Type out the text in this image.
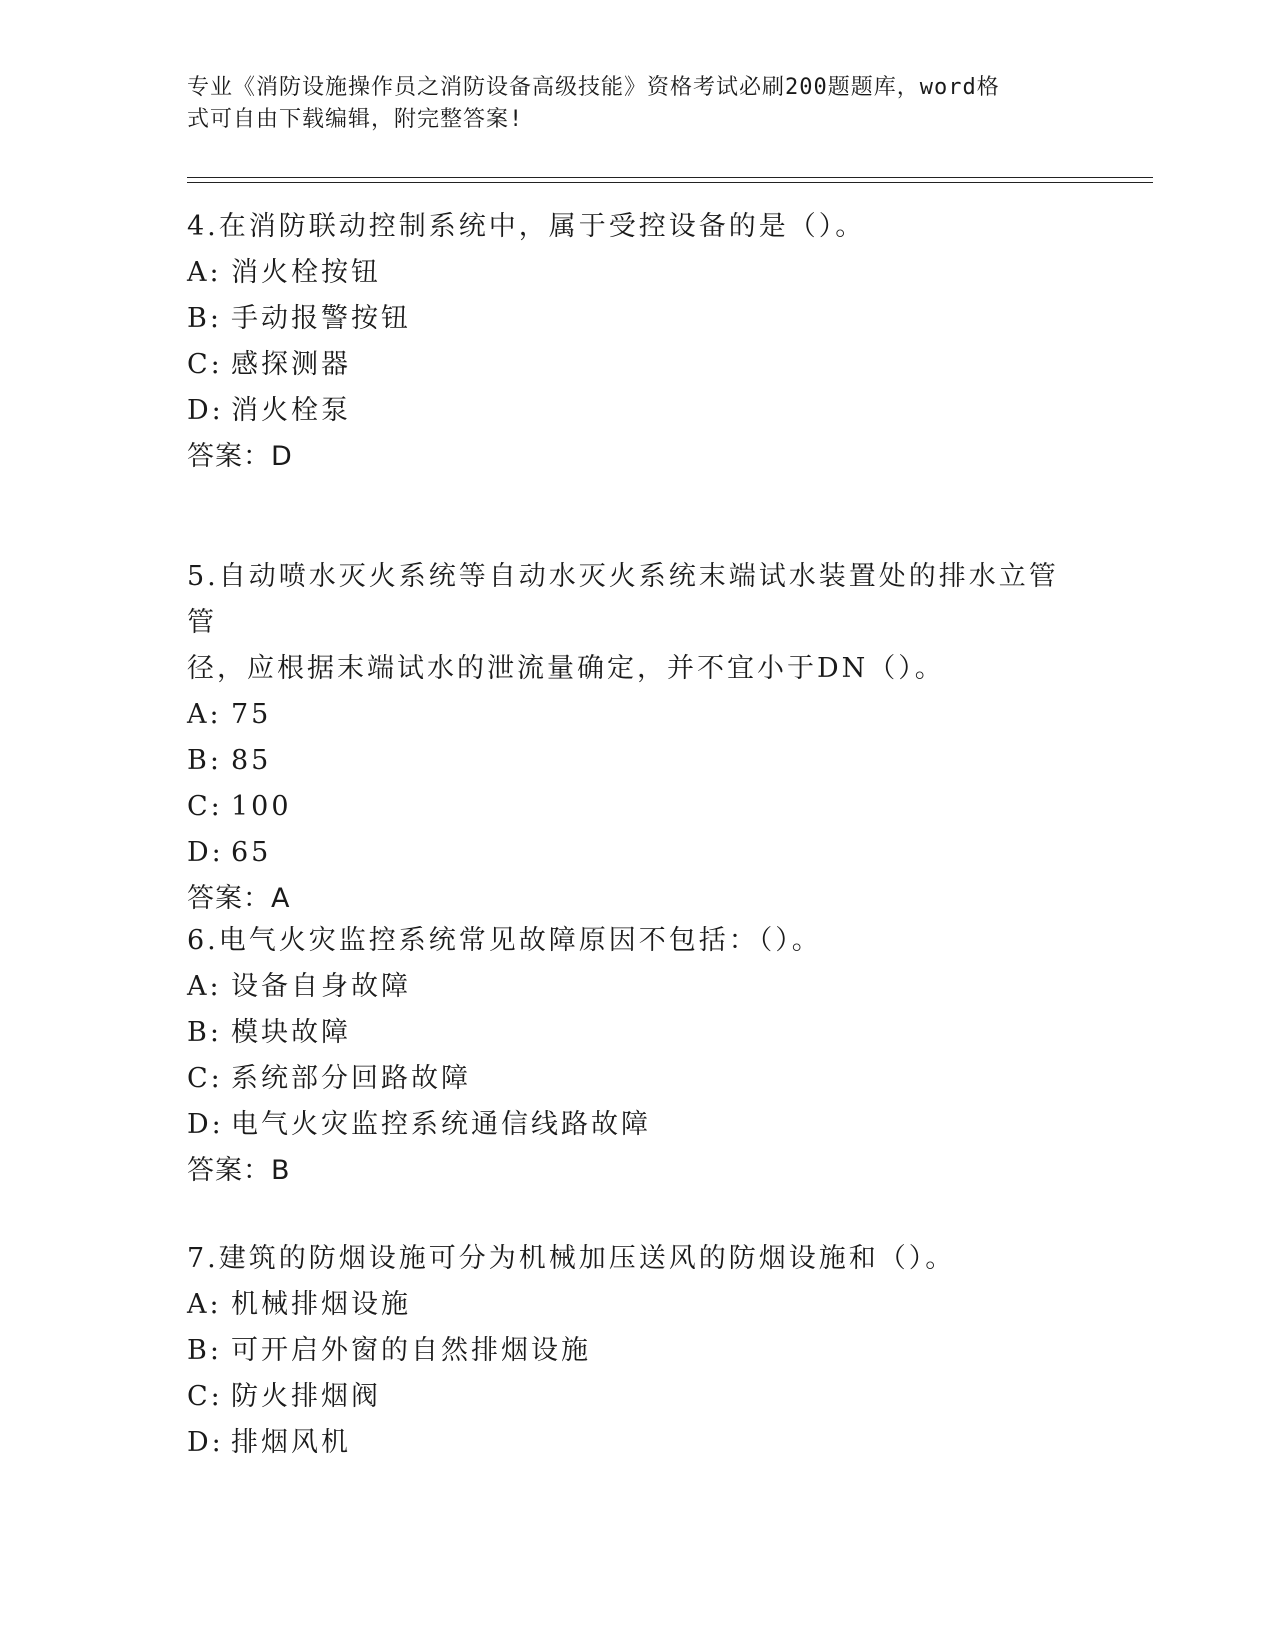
专业《消防设施操作员之消防设备高级技能》资格考试必刷200题题库，word格
式可自由下载编辑，附完整答案!

4.在消防联动控制系统中，属于受控设备的是（）。

A: 消火栓按钮

B: 手动报警按钮

C: 感探测器

D: 消火栓泵

答案：D

5.自动喷水灭火系统等自动水灭火系统末端试水装置处的排水立管管

径，应根据末端试水的泄流量确定，并不宜小于DN（）。

A: 75

B: 85

C: 100

D: 65

答案：A

6.电气火灾监控系统常见故障原因不包括：（）。

A: 设备自身故障

B: 模块故障

C: 系统部分回路故障

D: 电气火灾监控系统通信线路故障

答案：B

7.建筑的防烟设施可分为机械加压送风的防烟设施和（）。

A: 机械排烟设施

B: 可开启外窗的自然排烟设施

C: 防火排烟阀

D: 排烟风机
